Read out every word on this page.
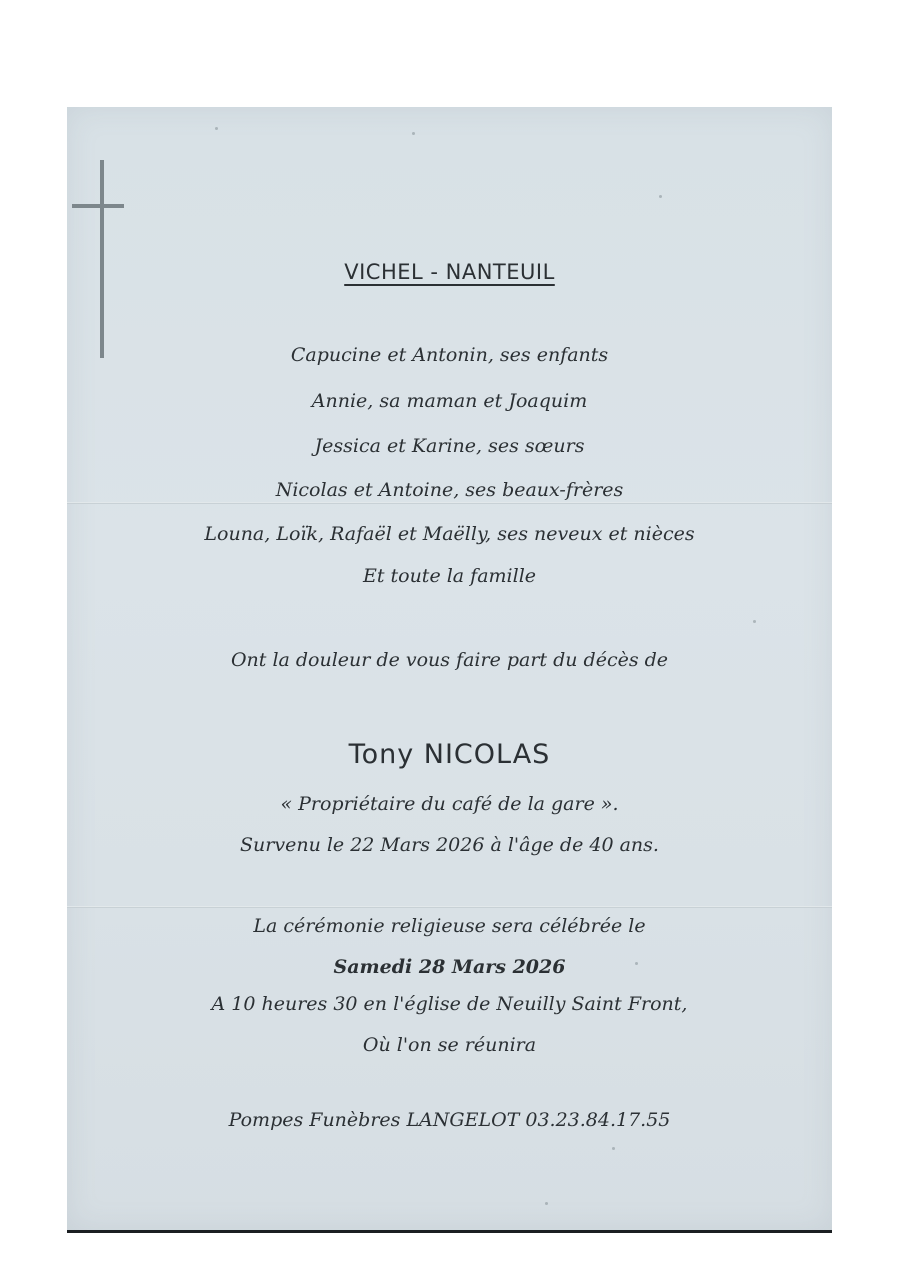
VICHEL - NANTEUIL
Capucine et Antonin, ses enfants
Annie, sa maman et Joaquim
Jessica et Karine, ses sœurs
Nicolas et Antoine, ses beaux-frères
Louna, Loïk, Rafaël et Maëlly, ses neveux et nièces
Et toute la famille
Ont la douleur de vous faire part du décès de
Tony NICOLAS
« Propriétaire du café de la gare ».
Survenu le 22 Mars 2026 à l'âge de 40 ans.
La cérémonie religieuse sera célébrée le
Samedi 28 Mars 2026
A 10 heures 30 en l'église de Neuilly Saint Front,
Où l'on se réunira
Pompes Funèbres LANGELOT 03.23.84.17.55
